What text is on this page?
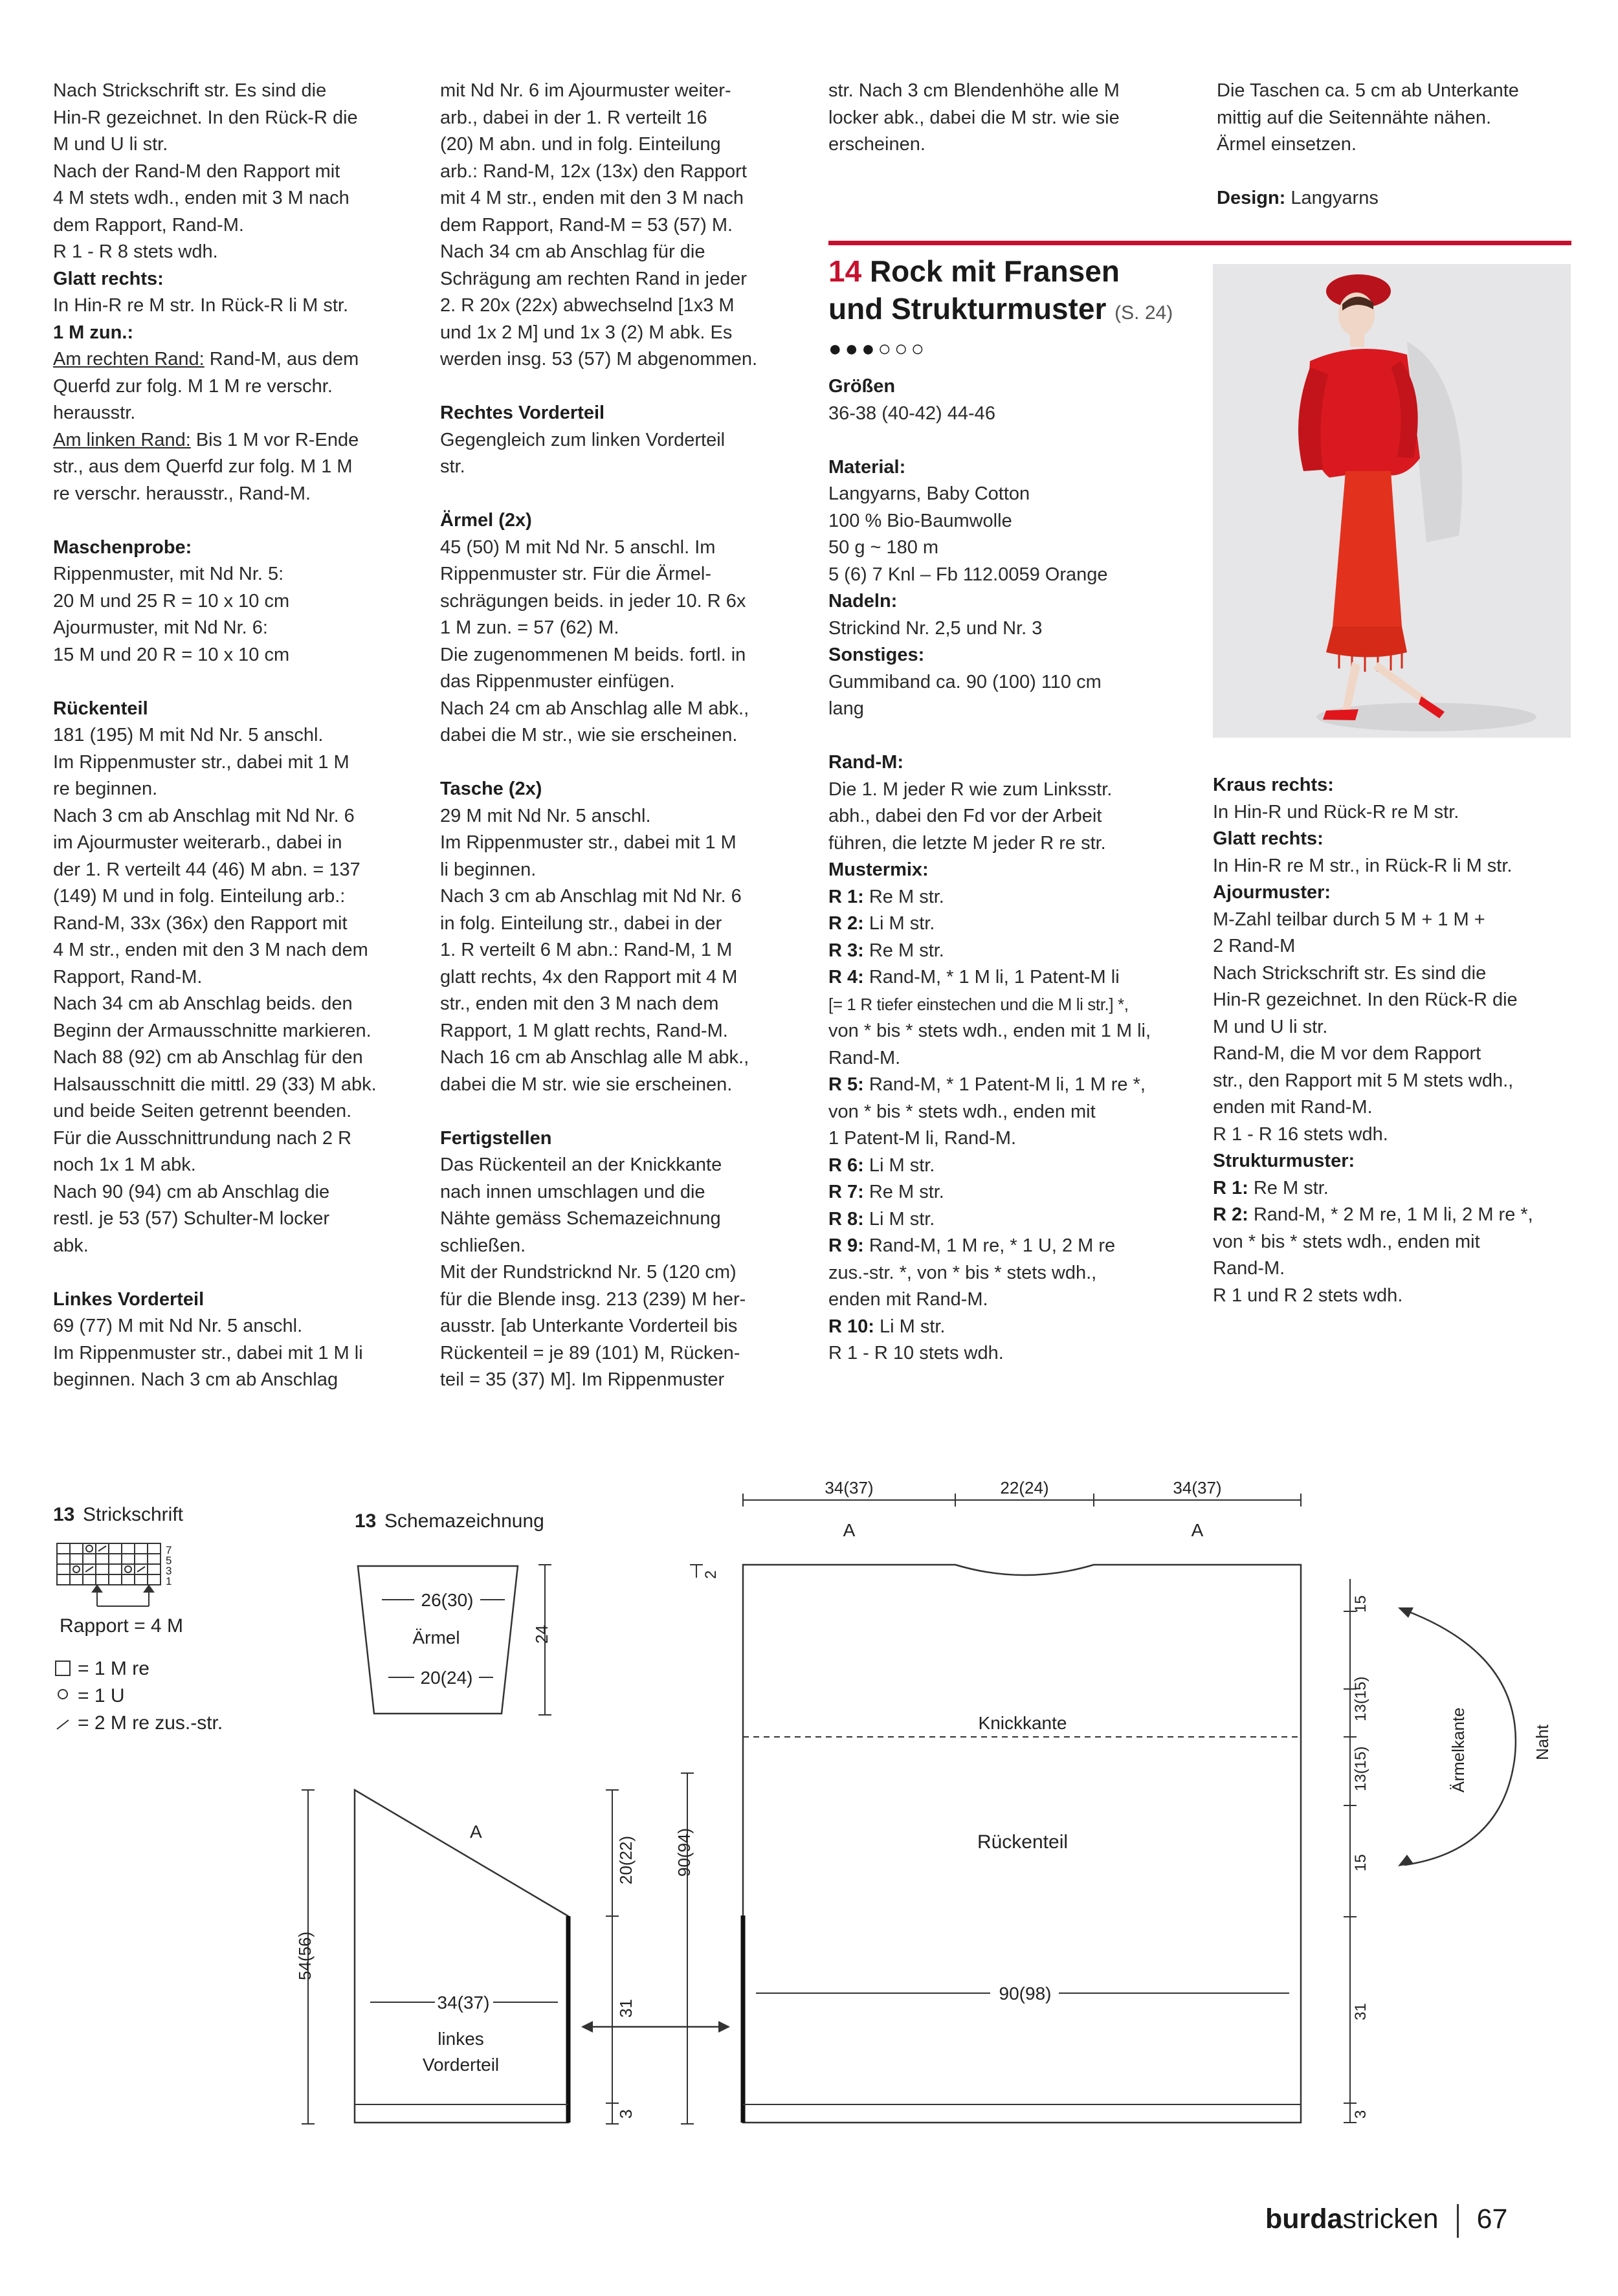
Nach Strickschrift str. Es sind die

Hin-R gezeichnet. In den Rück-R die

M und U li str.

Nach der Rand-M den Rapport mit

4 M stets wdh., enden mit 3 M nach

dem Rapport, Rand-M.

R 1 - R 8 stets wdh.

Glatt rechts:

In Hin-R re M str. In Rück-R li M str.

1 M zun.:

Am rechten Rand: Rand-M, aus dem

Querfd zur folg. M 1 M re verschr.

herausstr.

Am linken Rand: Bis 1 M vor R-Ende

str., aus dem Querfd zur folg. M 1 M

re verschr. herausstr., Rand-M.

Maschenprobe:

Rippenmuster, mit Nd Nr. 5:

20 M und 25 R = 10 x 10 cm

Ajourmuster, mit Nd Nr. 6:

15 M und 20 R = 10 x 10 cm

Rückenteil

181 (195) M mit Nd Nr. 5 anschl.

Im Rippenmuster str., dabei mit 1 M

re beginnen.

Nach 3 cm ab Anschlag mit Nd Nr. 6

im Ajourmuster weiterarb., dabei in

der 1. R verteilt 44 (46) M abn. = 137

(149) M und in folg. Einteilung arb.:

Rand-M, 33x (36x) den Rapport mit

4 M str., enden mit den 3 M nach dem

Rapport, Rand-M.

Nach 34 cm ab Anschlag beids. den

Beginn der Armausschnitte markieren.

Nach 88 (92) cm ab Anschlag für den

Halsausschnitt die mittl. 29 (33) M abk.

und beide Seiten getrennt beenden.

Für die Ausschnittrundung nach 2 R

noch 1x 1 M abk.

Nach 90 (94) cm ab Anschlag die

restl. je 53 (57) Schulter-M locker

abk.

Linkes Vorderteil

69 (77) M mit Nd Nr. 5 anschl.

Im Rippenmuster str., dabei mit 1 M li

beginnen. Nach 3 cm ab Anschlag

mit Nd Nr. 6 im Ajourmuster weiter-

arb., dabei in der 1. R verteilt 16

(20) M abn. und in folg. Einteilung

arb.: Rand-M, 12x (13x) den Rapport

mit 4 M str., enden mit den 3 M nach

dem Rapport, Rand-M = 53 (57) M.

Nach 34 cm ab Anschlag für die

Schrägung am rechten Rand in jeder

2. R 20x (22x) abwechselnd [1x3 M

und 1x 2 M] und 1x 3 (2) M abk. Es

werden insg. 53 (57) M abgenommen.

Rechtes Vorderteil

Gegengleich zum linken Vorderteil

str.

Ärmel (2x)

45 (50) M mit Nd Nr. 5 anschl. Im

Rippenmuster str. Für die Ärmel-

schrägungen beids. in jeder 10. R 6x

1 M zun. = 57 (62) M.

Die zugenommenen M beids. fortl. in

das Rippenmuster einfügen.

Nach 24 cm ab Anschlag alle M abk.,

dabei die M str., wie sie erscheinen.

Tasche (2x)

29 M mit Nd Nr. 5 anschl.

Im Rippenmuster str., dabei mit 1 M

li beginnen.

Nach 3 cm ab Anschlag mit Nd Nr. 6

in folg. Einteilung str., dabei in der

1. R verteilt 6 M abn.: Rand-M, 1 M

glatt rechts, 4x den Rapport mit 4 M

str., enden mit den 3 M nach dem

Rapport, 1 M glatt rechts, Rand-M.

Nach 16 cm ab Anschlag alle M abk.,

dabei die M str. wie sie erscheinen.

Fertigstellen

Das Rückenteil an der Knickkante

nach innen umschlagen und die

Nähte gemäss Schemazeichnung

schließen.

Mit der Rundstricknd Nr. 5 (120 cm)

für die Blende insg. 213 (239) M her-

ausstr. [ab Unterkante Vorderteil bis

Rückenteil = je 89 (101) M, Rücken-

teil = 35 (37) M]. Im Rippenmuster

str. Nach 3 cm Blendenhöhe alle M

locker abk., dabei die M str. wie sie

erscheinen.

Die Taschen ca. 5 cm ab Unterkante

mittig auf die Seitennähte nähen.

Ärmel einsetzen.

Design: Langyarns

14 Rock mit Fransen
und Strukturmuster (S. 24)
●●●○○○

Größen

36-38 (40-42) 44-46

Material:

Langyarns, Baby Cotton

100 % Bio-Baumwolle

50 g ~ 180 m

5 (6) 7 Knl – Fb 112.0059 Orange

Nadeln:

Strickind Nr. 2,5 und Nr. 3

Sonstiges:

Gummiband ca. 90 (100) 110 cm

lang

Rand-M:

Die 1. M jeder R wie zum Linksstr.

abh., dabei den Fd vor der Arbeit

führen, die letzte M jeder R re str.

Mustermix:

R 1: Re M str.

R 2: Li M str.

R 3: Re M str.

R 4: Rand-M, * 1 M li, 1 Patent-M li

[= 1 R tiefer einstechen und die M li str.] *,

von * bis * stets wdh., enden mit 1 M li,

Rand-M.

R 5: Rand-M, * 1 Patent-M li, 1 M re *,

von * bis * stets wdh., enden mit

1 Patent-M li, Rand-M.

R 6: Li M str.

R 7: Re M str.

R 8: Li M str.

R 9: Rand-M, 1 M re, * 1 U, 2 M re

zus.-str. *, von * bis * stets wdh.,

enden mit Rand-M.

R 10: Li M str.

R 1 - R 10 stets wdh.

Kraus rechts:

In Hin-R und Rück-R re M str.

Glatt rechts:

In Hin-R re M str., in Rück-R li M str.

Ajourmuster:

M-Zahl teilbar durch 5 M + 1 M +

2 Rand-M

Nach Strickschrift str. Es sind die

Hin-R gezeichnet. In den Rück-R die

M und U li str.

Rand-M, die M vor dem Rapport

str., den Rapport mit 5 M stets wdh.,

enden mit Rand-M.

R 1 - R 16 stets wdh.

Strukturmuster:

R 1: Re M str.

R 2: Rand-M, * 2 M re, 1 M li, 2 M re *,

von * bis * stets wdh., enden mit

Rand-M.

R 1 und R 2 stets wdh.

13 Strickschrift
7
5
3
1
Rapport = 4 M
= 1 M re
= 1 U
= 2 M re zus.-str.
13 Schemazeichnung
26(30)
Ärmel
20(24)
24
A
34(37)
linkes
Vorderteil
54(56)
20(22)
31
3
90(94)
34(37)	22(24)	34(37)
A	A
Knickkante
Rückenteil
90(98)
2
15
13(15)
13(15)
15
31
3
Ärmelkante	Naht
burdastricken 67
